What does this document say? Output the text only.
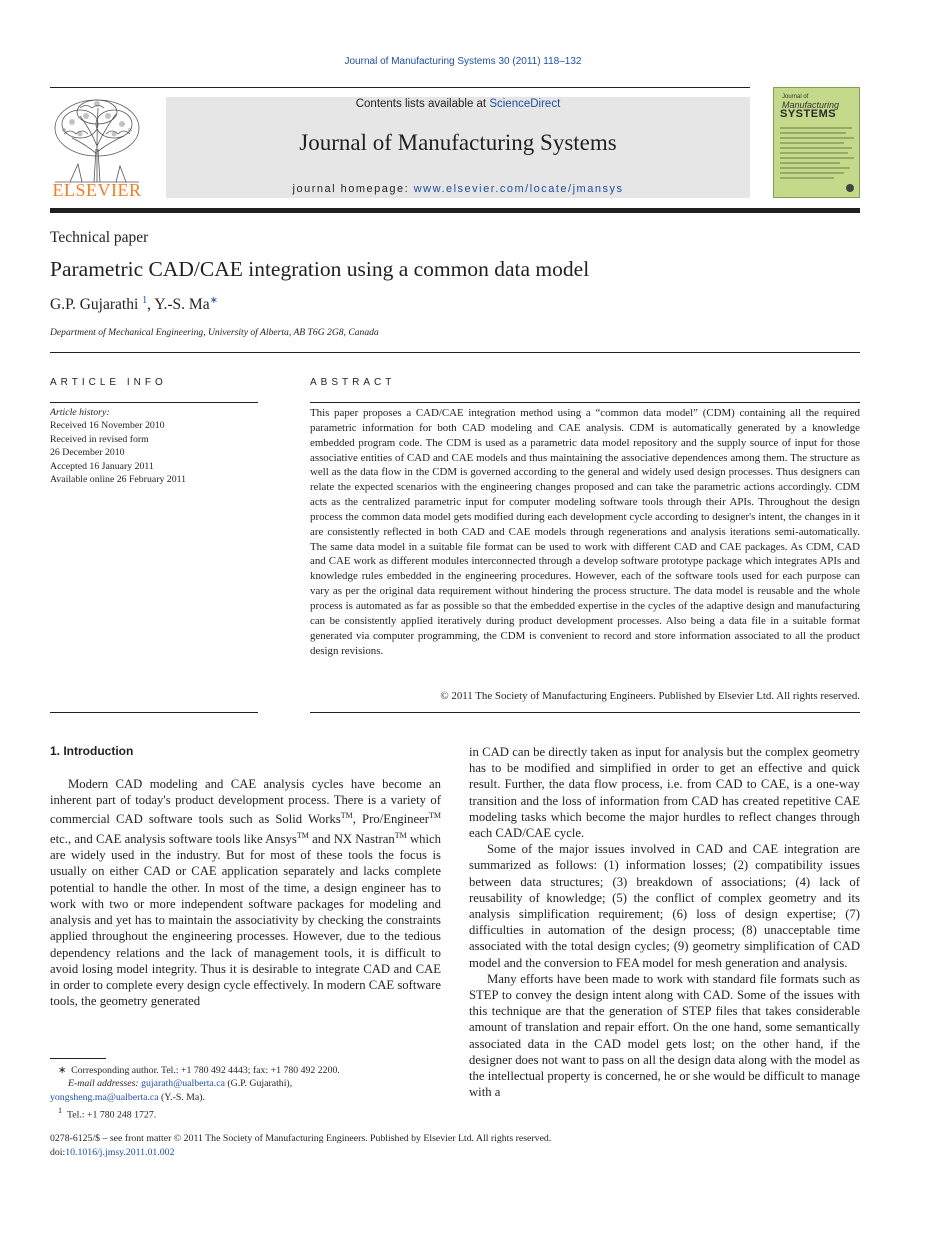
Journal of Manufacturing Systems 30 (2011) 118–132
ELSEVIER
Contents lists available at ScienceDirect
Journal of Manufacturing Systems
journal homepage: www.elsevier.com/locate/jmansys
Journal of
Manufacturing
SYSTEMS
Technical paper
Parametric CAD/CAE integration using a common data model
G.P. Gujarathi $^1$, Y.-S. Ma∗
Department of Mechanical Engineering, University of Alberta, AB T6G 2G8, Canada
ARTICLE INFO	ABSTRACT
Article history:
Received 16 November 2010
Received in revised form
26 December 2010
Accepted 16 January 2011
Available online 26 February 2011
This paper proposes a CAD/CAE integration method using a “common data model” (CDM) containing all the required parametric information for both CAD modeling and CAE analysis. CDM is automatically generated by a knowledge embedded program code. The CDM is used as a parametric data model repository and the supply source of input for those associative entities of CAD and CAE models and thus maintaining the associative dependences among them. The structure as well as the data flow in the CDM is governed according to the general and widely used design processes. Thus designers can relate the expected scenarios with the engineering changes proposed and can take the parametric actions accordingly. CDM acts as the centralized parametric input for computer modeling software tools through their APIs. Throughout the design process the common data model gets modified during each development cycle according to designer's intent, the changes in it are consistently reflected in both CAD and CAE models through regenerations and analysis iterations semi-automatically. The same data model in a suitable file format can be used to work with different CAD and CAE packages. As CDM, CAD and CAE work as different modules interconnected through a develop software prototype package which integrates APIs and knowledge rules embedded in the engineering procedures. However, each of the software tools used for each purpose can vary as per the original data requirement without hindering the process structure. The data model is reusable and the whole process is automated as far as possible so that the embedded expertise in the cycles of the adaptive design and manufacturing can be consistently applied iteratively during product development processes. Also being a data file in a suitable format generated via computer programming, the CDM is convenient to record and store information associated to all the product design revisions.
© 2011 The Society of Manufacturing Engineers. Published by Elsevier Ltd. All rights reserved.
1. Introduction

Modern CAD modeling and CAE analysis cycles have become an inherent part of today's product development process. There is a variety of commercial CAD software tools such as Solid Works™, Pro/Engineer™ etc., and CAE analysis software tools like Ansys™ and NX Nastran™ which are widely used in the industry. But for most of these tools the focus is usually on either CAD or CAE application separately and lacks complete potential to handle the other. In most of the time, a design engineer has to work with two or more independent software packages for modeling and analysis and yet has to maintain the associativity by checking the constraints applied throughout the engineering processes. However, due to the tedious dependency relations and the lack of management tools, it is difficult to avoid losing model integrity. Thus it is desirable to integrate CAD and CAE in order to complete every design cycle effectively. In modern CAE software tools, the geometry generated

in CAD can be directly taken as input for analysis but the complex geometry has to be modified and simplified in order to get an effective and quick result. Further, the data flow process, i.e. from CAD to CAE, is a one-way transition and the loss of information from CAD has created repetitive CAE modeling tasks which become the major hurdles to reflect changes through each CAD/CAE cycle.

Some of the major issues involved in CAD and CAE integration are summarized as follows: (1) information losses; (2) compatibility issues between data structures; (3) breakdown of associations; (4) lack of reusability of knowledge; (5) the conflict of complex geometry and its analysis simplification requirement; (6) loss of design expertise; (7) difficulties in automation of the design process; (8) unacceptable time associated with the total design cycles; (9) geometry simplification of CAD model and the conversion to FEA model for mesh generation and analysis.

Many efforts have been made to work with standard file formats such as STEP to convey the design intent along with CAD. Some of the issues with this technique are that the generation of STEP files that takes considerable amount of translation and repair effort. On the one hand, some semantically associated data in the CAD model gets lost; on the other hand, if the designer does not want to pass on all the design data along with the model as the intellectual property is concerned, he or she would be difficult to manage with a

∗ Corresponding author. Tel.: +1 780 492 4443; fax: +1 780 492 2200.
E-mail addresses: gujarath@ualberta.ca (G.P. Gujarathi),
yongsheng.ma@ualberta.ca (Y.-S. Ma).
$^1$ Tel.: +1 780 248 1727.
0278-6125/$ – see front matter © 2011 The Society of Manufacturing Engineers. Published by Elsevier Ltd. All rights reserved.
doi:10.1016/j.jmsy.2011.01.002
